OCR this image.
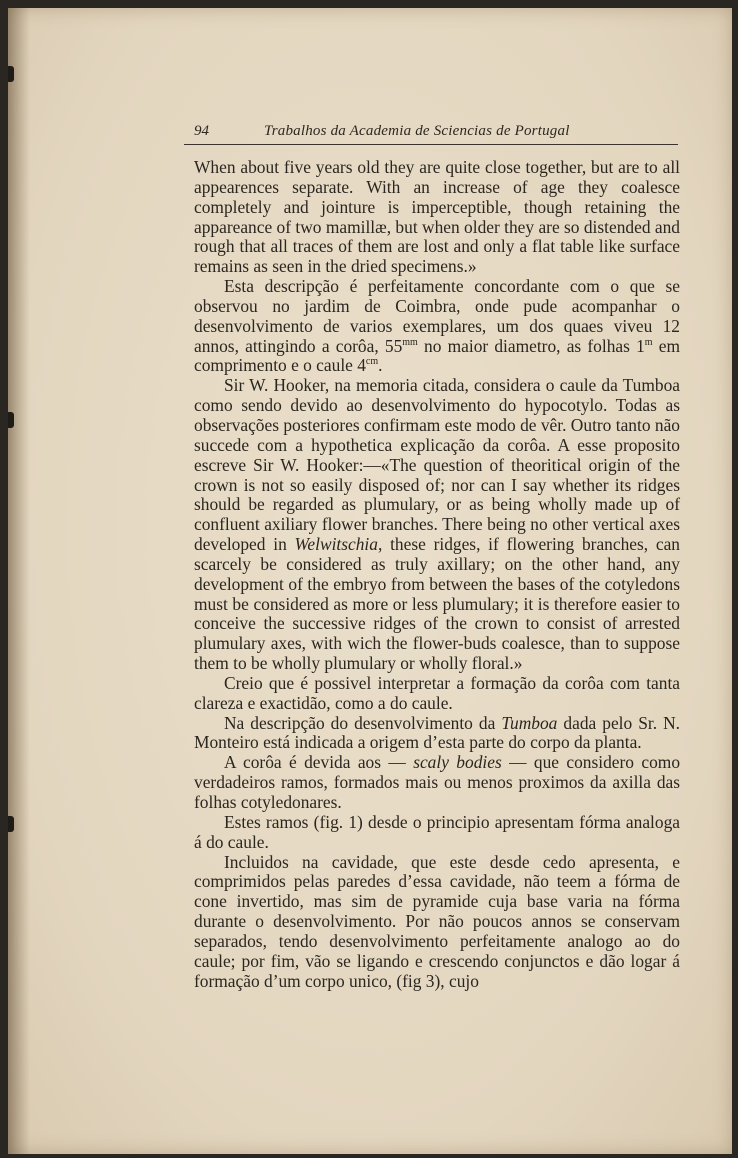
94	Trabalhos da Academia de Sciencias de Portugal

When about five years old they are quite close together, but are to all appearences separate. With an increase of age they coalesce completely and jointure is imperceptible, though retaining the appareance of two mamillæ, but when older they are so distended and rough that all traces of them are lost and only a flat table like surface remains as seen in the dried specimens.»

Esta descripção é perfeitamente concordante com o que se observou no jardim de Coimbra, onde pude acompanhar o desenvolvimento de varios exemplares, um dos quaes viveu 12 annos, attingindo a corôa, $55^{mm}$ no maior diametro, as folhas 1$^m$ em comprimento e o caule $4^{cm}$.

Sir W. Hooker, na memoria citada, considera o caule da Tumboa como sendo devido ao desenvolvimento do hypocotylo. Todas as observações posteriores confirmam este modo de vêr. Outro tanto não succede com a hypothetica explicação da corôa. A esse proposito escreve Sir W. Hooker:—«The question of theoritical origin of the crown is not so easily disposed of; nor can I say whether its ridges should be regarded as plumulary, or as being wholly made up of confluent axiliary flower branches. There being no other vertical axes developed in Welwitschia, these ridges, if flowering branches, can scarcely be considered as truly axillary; on the other hand, any development of the embryo from between the bases of the cotyledons must be considered as more or less plumulary; it is therefore easier to conceive the successive ridges of the crown to consist of arrested plumulary axes, with wich the flower-buds coalesce, than to suppose them to be wholly plumulary or wholly floral.»

Creio que é possivel interpretar a formação da corôa com tanta clareza e exactidão, como a do caule.

Na descripção do desenvolvimento da Tumboa dada pelo Sr. N. Monteiro está indicada a origem d’esta parte do corpo da planta.

A corôa é devida aos — scaly bodies — que considero como verdadeiros ramos, formados mais ou menos proximos da axilla das folhas cotyledonares.

Estes ramos (fig. 1) desde o principio apresentam fórma analoga á do caule.

Incluidos na cavidade, que este desde cedo apresenta, e comprimidos pelas paredes d’essa cavidade, não teem a fórma de cone invertido, mas sim de pyramide cuja base varia na fórma durante o desenvolvimento. Por não poucos annos se conservam separados, tendo desenvolvimento perfeitamente analogo ao do caule; por fim, vão se ligando e crescendo conjunctos e dão logar á formação d’um corpo unico, (fig 3), cujo
